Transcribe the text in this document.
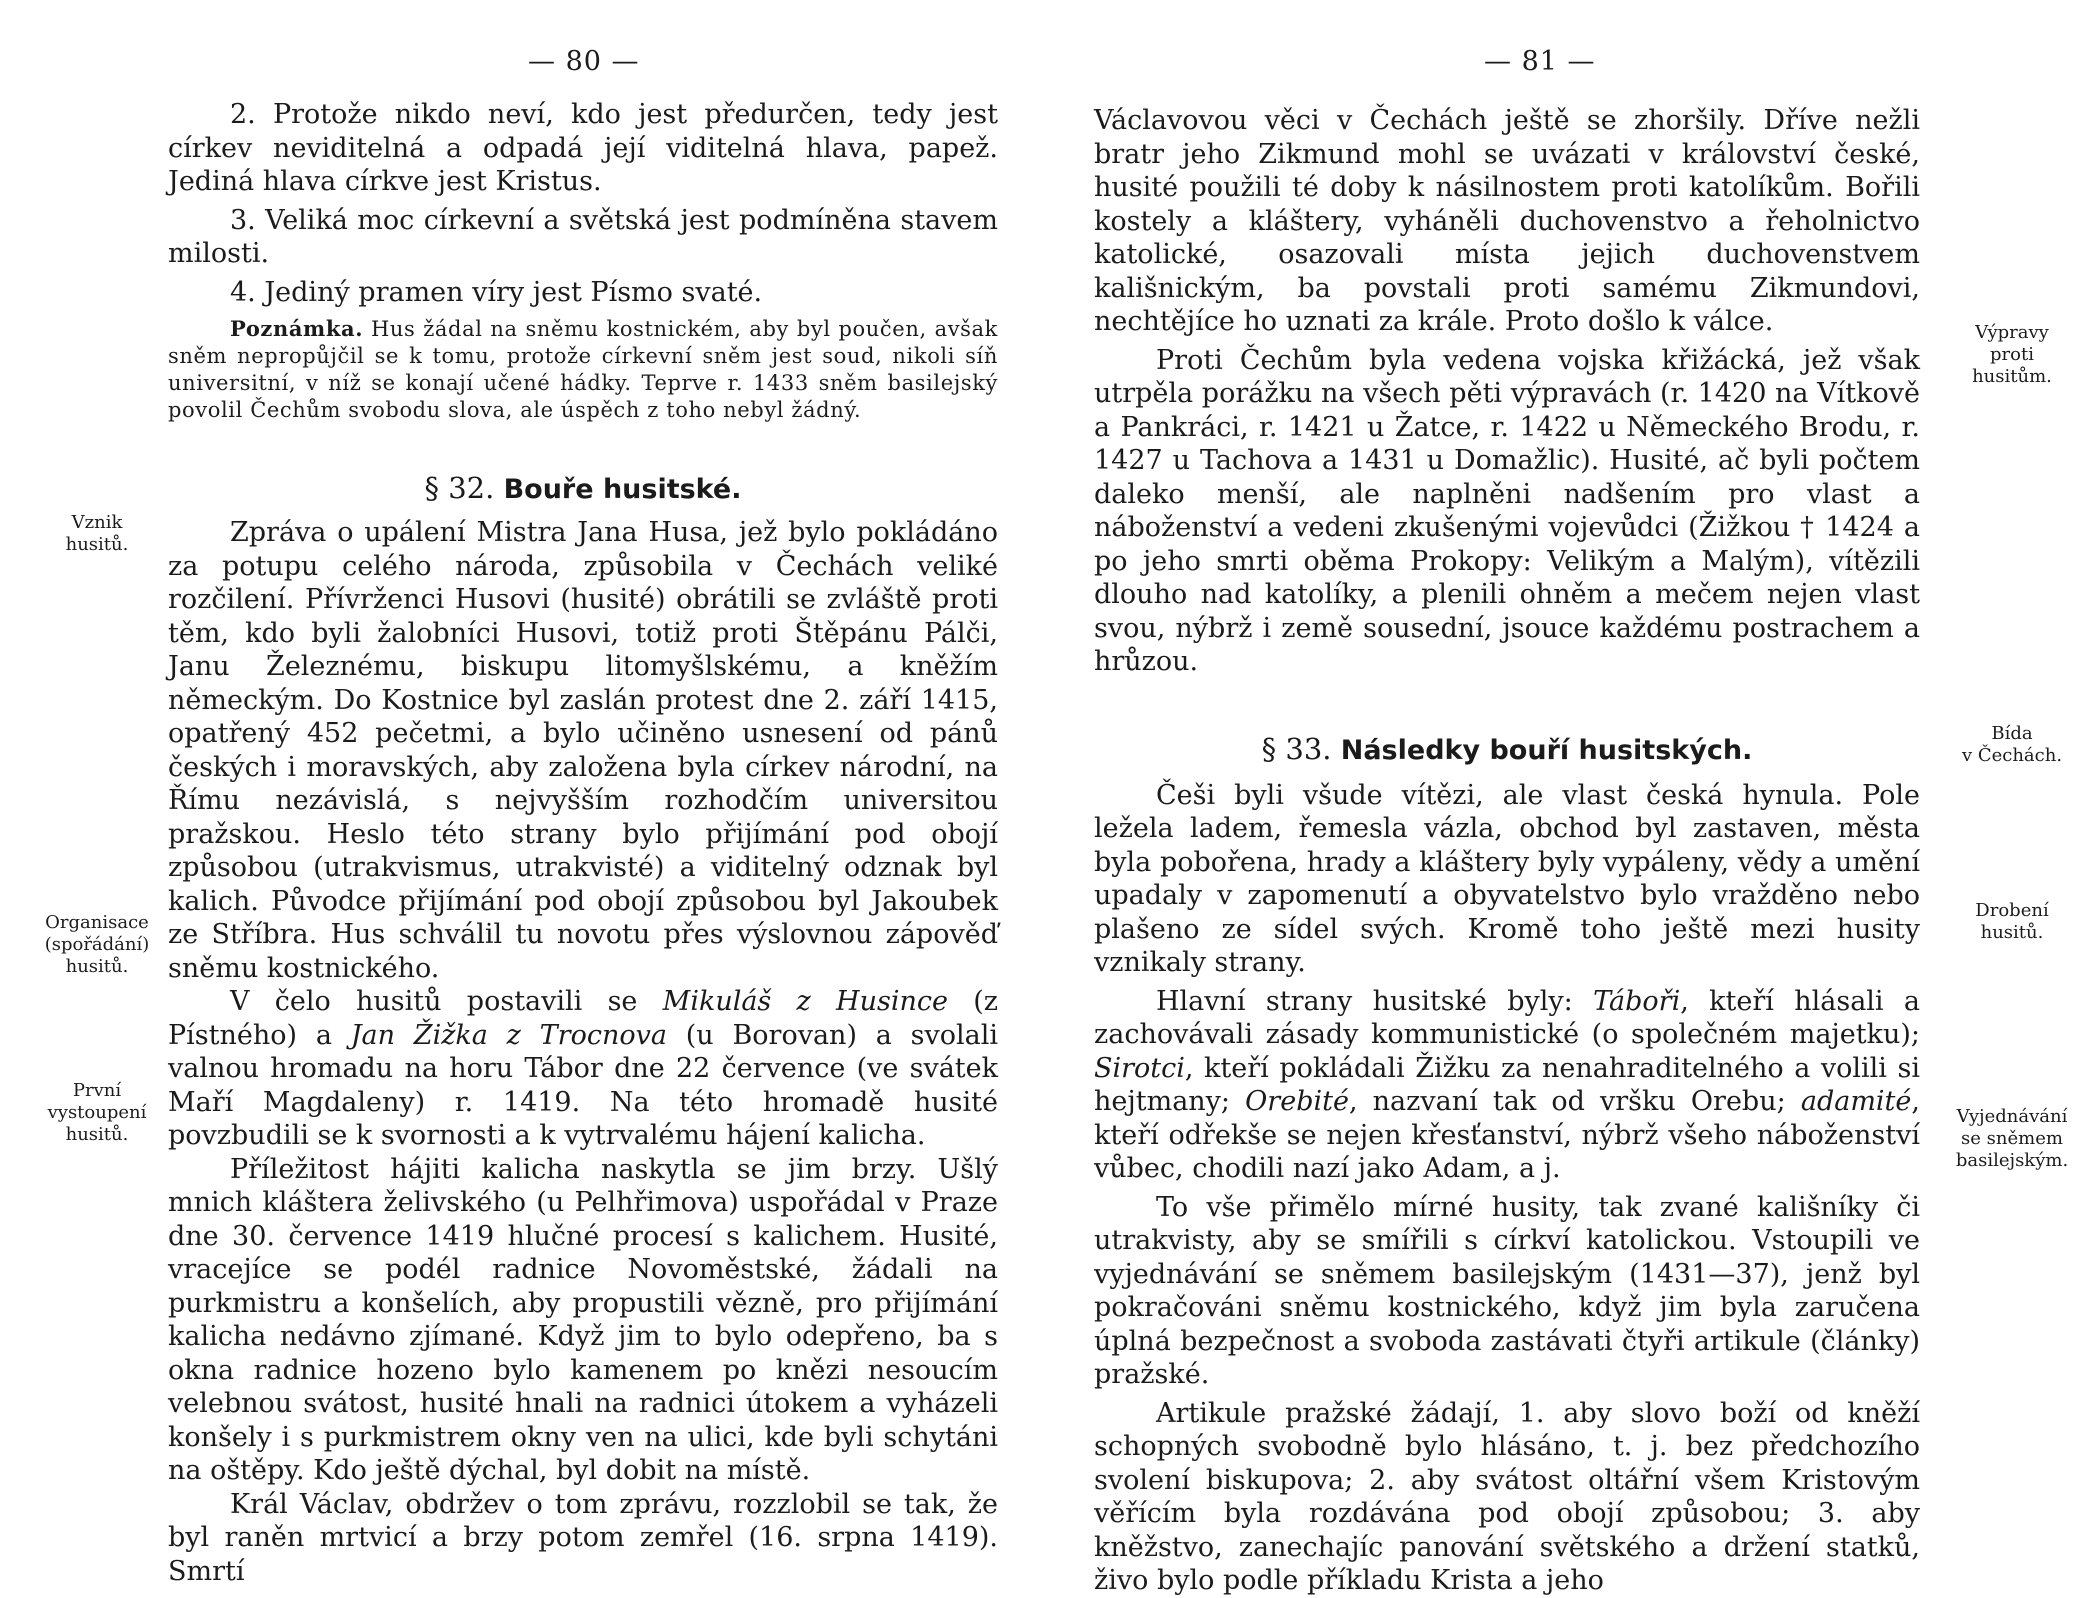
— 80 —

2. Protože nikdo neví, kdo jest předurčen, tedy jest církev neviditelná a odpadá její viditelná hlava, papež. Jediná hlava církve jest Kristus.

3. Veliká moc církevní a světská jest podmíněna stavem milosti.

4. Jediný pramen víry jest Písmo svaté.

Poznámka. Hus žádal na sněmu kostnickém, aby byl poučen, avšak sněm nepropůjčil se k tomu, protože církevní sněm jest soud, nikoli síň universitní, v níž se konají učené hádky. Teprve r. 1433 sněm basilejský povolil Čechům svobodu slova, ale úspěch z toho nebyl žádný.

§ 32. Bouře husitské.

Zpráva o upálení Mistra Jana Husa, jež bylo pokládáno za potupu celého národa, způsobila v Čechách veliké rozčilení. Přívrženci Husovi (husité) obrátili se zvláště proti těm, kdo byli žalobníci Husovi, totiž proti Štěpánu Pálči, Janu Železnému, biskupu litomyšlskému, a kněžím německým. Do Kostnice byl zaslán protest dne 2. září 1415, opatřený 452 pečetmi, a bylo učiněno usnesení od pánů českých i moravských, aby založena byla církev národní, na Římu nezávislá, s nejvyšším rozhodčím universitou pražskou. Heslo této strany bylo přijímání pod obojí způsobou (utrakvismus, utrakvisté) a viditelný odznak byl kalich. Původce přijímání pod obojí způsobou byl Jakoubek ze Stříbra. Hus schválil tu novotu přes výslovnou zápověď sněmu kostnického.

V čelo husitů postavili se Mikuláš z Husince (z Pístného) a Jan Žižka z Trocnova (u Borovan) a svolali valnou hromadu na horu Tábor dne 22 července (ve svátek Maří Magdaleny) r. 1419. Na této hromadě husité povzbudili se k svornosti a k vytrvalému hájení kalicha.

Příležitost hájiti kalicha naskytla se jim brzy. Ušlý mnich kláštera želivského (u Pelhřimova) uspořádal v Praze dne 30. července 1419 hlučné procesí s kalichem. Husité, vracejíce se podél radnice Novoměstské, žádali na purkmistru a konšelích, aby propustili vězně, pro přijímání kalicha nedávno zjímané. Když jim to bylo odepřeno, ba s okna radnice hozeno bylo kamenem po knězi nesoucím velebnou svátost, husité hnali na radnici útokem a vyházeli konšely i s purkmistrem okny ven na ulici, kde byli schytáni na oštěpy. Kdo ještě dýchal, byl dobit na místě.

Král Václav, obdržev o tom zprávu, rozzlobil se tak, že byl raněn mrtvicí a brzy potom zemřel (16. srpna 1419). Smrtí

Vznik
husitů.
Organisace
(spořádání)
husitů.
První
vystoupení
husitů.
— 81 —

Václavovou věci v Čechách ještě se zhoršily. Dříve nežli bratr jeho Zikmund mohl se uvázati v království české, husité použili té doby k násilnostem proti katolíkům. Bořili kostely a kláštery, vyháněli duchovenstvo a řeholnictvo katolické, osazovali místa jejich duchovenstvem kališnickým, ba povstali proti samému Zikmundovi, nechtějíce ho uznati za krále. Proto došlo k válce.

Proti Čechům byla vedena vojska křižácká, jež však utrpěla porážku na všech pěti výpravách (r. 1420 na Vítkově a Pankráci, r. 1421 u Žatce, r. 1422 u Německého Brodu, r. 1427 u Tachova a 1431 u Domažlic). Husité, ač byli počtem daleko menší, ale naplněni nadšením pro vlast a náboženství a vedeni zkušenými vojevůdci (Žižkou † 1424 a po jeho smrti oběma Prokopy: Velikým a Malým), vítězili dlouho nad katolíky, a plenili ohněm a mečem nejen vlast svou, nýbrž i země sousední, jsouce každému postrachem a hrůzou.

§ 33. Následky bouří husitských.

Češi byli všude vítězi, ale vlast česká hynula. Pole ležela ladem, řemesla vázla, obchod byl zastaven, města byla pobořena, hrady a kláštery byly vypáleny, vědy a umění upadaly v zapomenutí a obyvatelstvo bylo vražděno nebo plašeno ze sídel svých. Kromě toho ještě mezi husity vznikaly strany.

Hlavní strany husitské byly: Táboři, kteří hlásali a zachovávali zásady kommunistické (o společném majetku); Sirotci, kteří pokládali Žižku za nenahraditelného a volili si hejtmany; Orebité, nazvaní tak od vršku Orebu; adamité, kteří odřekše se nejen křesťanství, nýbrž všeho náboženství vůbec, chodili nazí jako Adam, a j.

To vše přimělo mírné husity, tak zvané kališníky či utrakvisty, aby se smířili s církví katolickou. Vstoupili ve vyjednávání se sněmem basilejským (1431—37), jenž byl pokračováni sněmu kostnického, když jim byla zaručena úplná bezpečnost a svoboda zastávati čtyři artikule (články) pražské.

Artikule pražské žádají, 1. aby slovo boží od kněží schopných svobodně bylo hlásáno, t. j. bez předchozího svolení biskupova; 2. aby svátost oltářní všem Kristovým věřícím byla rozdávána pod obojí způsobou; 3. aby kněžstvo, zanechajíc panování světského a držení statků, živo bylo podle příkladu Krista a jeho

Výpravy
proti
husitům.
Bída
v Čechách.
Drobení
husitů.
Vyjednávání
se sněmem
basilejským.
